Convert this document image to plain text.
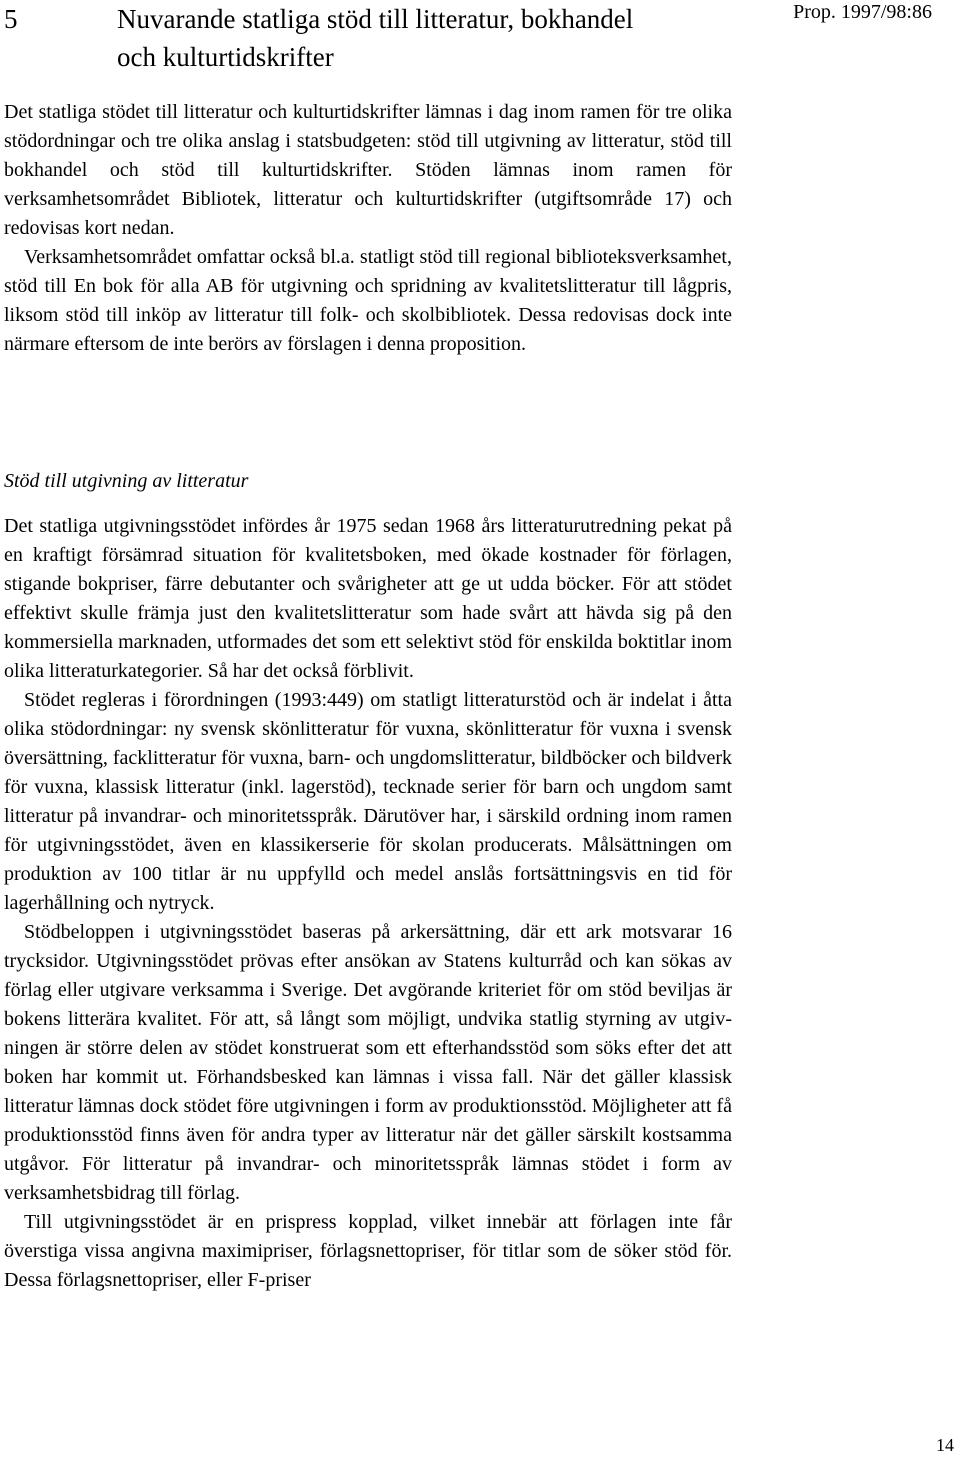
5	Nuvarande statliga stöd till litteratur, bokhandel och kulturtidskrifter
Prop. 1997/98:86

Det statliga stödet till litteratur och kulturtidskrifter lämnas i dag inom ramen för tre olika stödordningar och tre olika anslag i statsbudgeten: stöd till utgivning av litteratur, stöd till bokhandel och stöd till kulturtidskrifter. Stöden lämnas inom ramen för verksamhetsområdet Bibliotek, litteratur och kulturtidskrifter (utgiftsområde 17) och redovisas kort nedan.

Verksamhetsområdet omfattar också bl.a. statligt stöd till regional biblioteksverksamhet, stöd till En bok för alla AB för utgivning och spridning av kvalitetslitteratur till lågpris, liksom stöd till inköp av litteratur till folk- och skolbibliotek. Dessa redovisas dock inte närmare eftersom de inte berörs av förslagen i denna proposition.

Stöd till utgivning av litteratur

Det statliga utgivningsstödet infördes år 1975 sedan 1968 års litteraturutredning pekat på en kraftigt försämrad situation för kvalitetsboken, med ökade kostnader för förlagen, stigande bokpriser, färre debutanter och svårigheter att ge ut udda böcker. För att stödet effektivt skulle främja just den kvalitetslitteratur som hade svårt att hävda sig på den kommersiella marknaden, utformades det som ett selektivt stöd för enskilda boktitlar inom olika litteraturkategorier. Så har det också förblivit.

Stödet regleras i förordningen (1993:449) om statligt litteraturstöd och är indelat i åtta olika stödordningar: ny svensk skönlitteratur för vuxna, skönlitteratur för vuxna i svensk översättning, facklitteratur för vuxna, barn- och ungdomslitteratur, bildböcker och bildverk för vuxna, klassisk litteratur (inkl. lagerstöd), tecknade serier för barn och ungdom samt litteratur på invandrar- och minoritetsspråk. Därutöver har, i särskild ordning inom ramen för utgivningsstödet, även en klassikerserie för skolan producerats. Målsättningen om produktion av 100 titlar är nu uppfylld och medel anslås fortsättningsvis en tid för lagerhållning och nytryck.

Stödbeloppen i utgivningsstödet baseras på arkersättning, där ett ark motsvarar 16 trycksidor. Utgivningsstödet prövas efter ansökan av Statens kulturråd och kan sökas av förlag eller utgivare verksamma i Sverige. Det avgörande kriteriet för om stöd beviljas är bokens litterära kvalitet. För att, så långt som möjligt, undvika statlig styrning av utgivningen är större delen av stödet konstruerat som ett efterhandsstöd som söks efter det att boken har kommit ut. Förhandsbesked kan lämnas i vissa fall. När det gäller klassisk litteratur lämnas dock stödet före utgivningen i form av produktionsstöd. Möjligheter att få produktionsstöd finns även för andra typer av litteratur när det gäller särskilt kostsamma utgåvor. För litteratur på invandrar- och minoritetsspråk lämnas stödet i form av verksamhetsbidrag till förlag.

Till utgivningsstödet är en prispress kopplad, vilket innebär att förlagen inte får överstiga vissa angivna maximipriser, förlagsnettopriser, för titlar som de söker stöd för. Dessa förlagsnettopriser, eller F-priser

14
